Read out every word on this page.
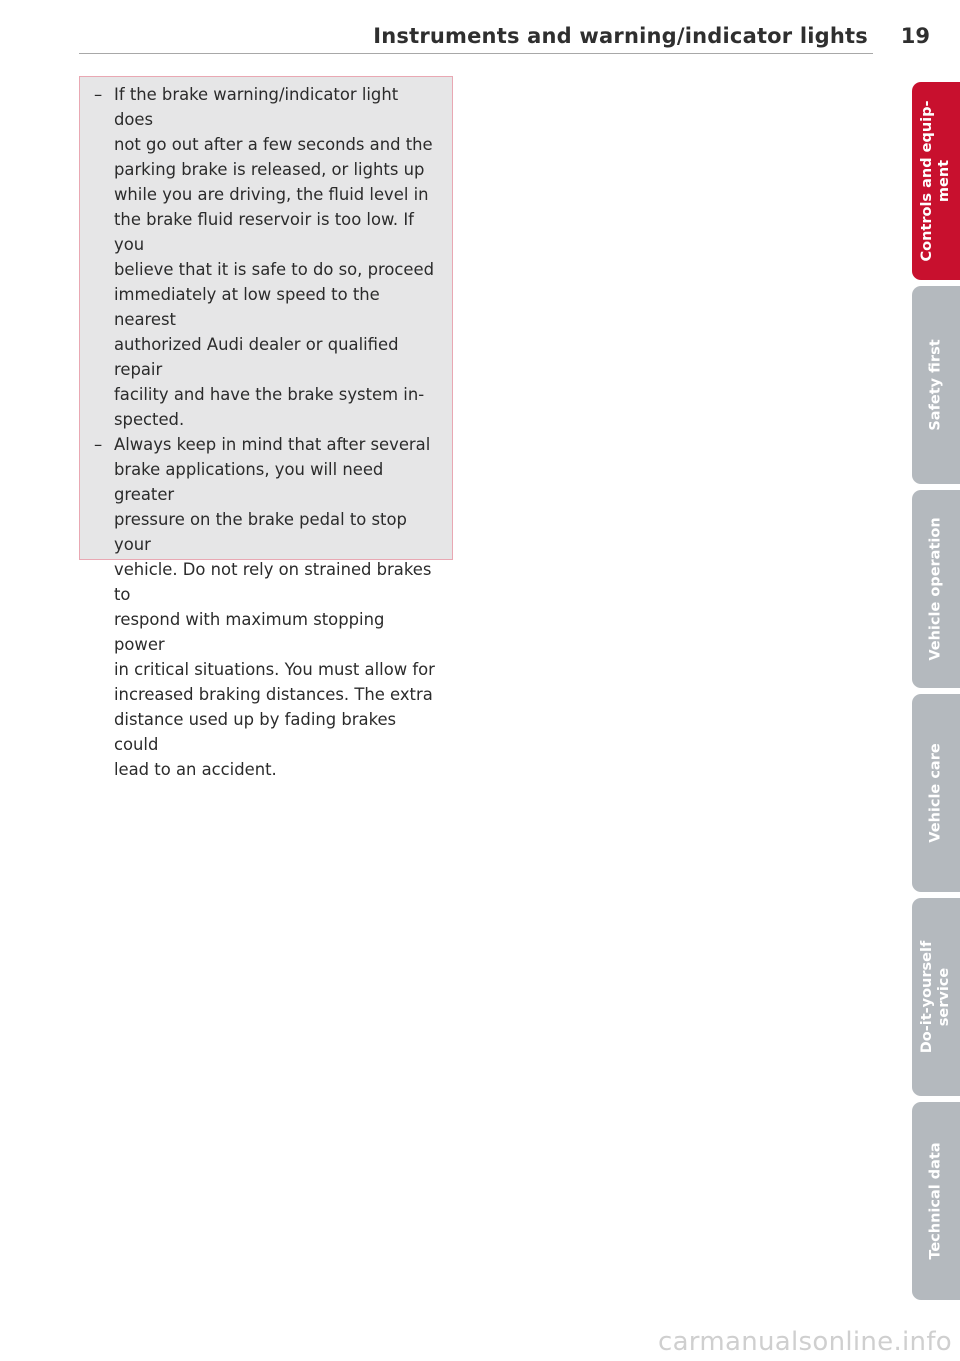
Instruments and warning/indicator lights 19
– If the brake warning/indicator light does
not go out after a few seconds and the
parking brake is released, or lights up
while you are driving, the fluid level in
the brake fluid reservoir is too low. If you
believe that it is safe to do so, proceed
immediately at low speed to the nearest
authorized Audi dealer or qualified repair
facility and have the brake system in-
spected.
– Always keep in mind that after several
brake applications, you will need greater
pressure on the brake pedal to stop your
vehicle. Do not rely on strained brakes to
respond with maximum stopping power
in critical situations. You must allow for
increased braking distances. The extra
distance used up by fading brakes could
lead to an accident.
Controls and equip- ment
Safety first
Vehicle operation
Vehicle care
Do-it-yourself service
Technical data
carmanualsonline.info
